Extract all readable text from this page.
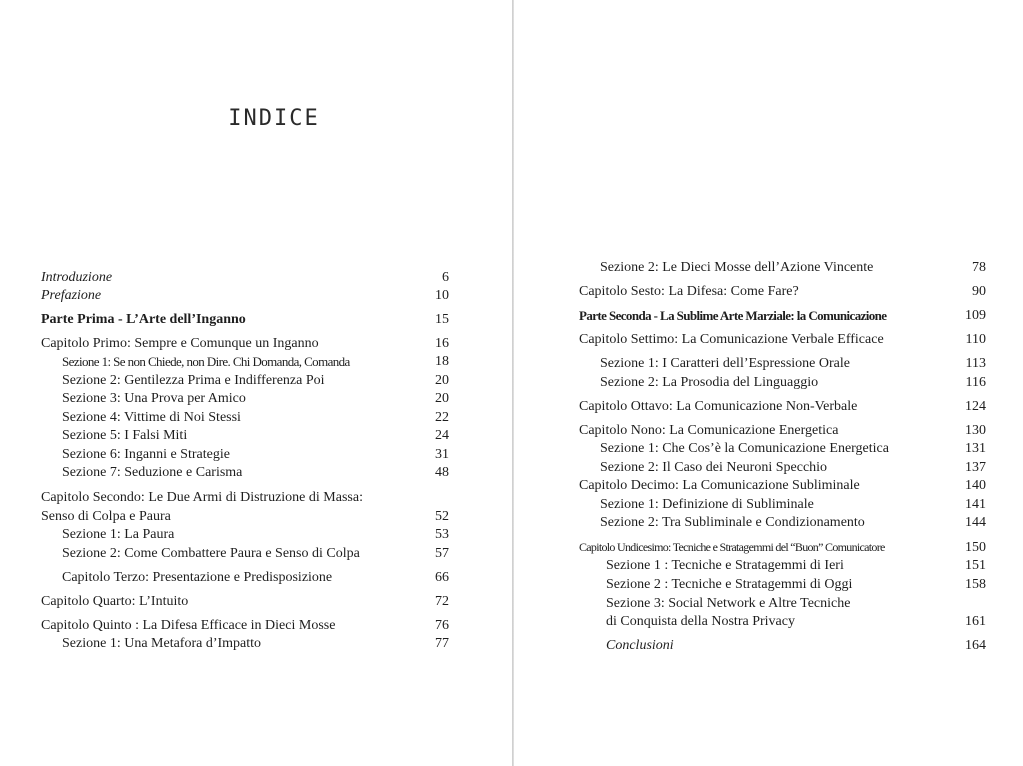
INDICE
Introduzione	6
Prefazione	10
Parte Prima - L’Arte dell’Inganno	15
Capitolo Primo: Sempre e Comunque un Inganno	16
Sezione 1: Se non Chiede, non Dire. Chi Domanda, Comanda	18
Sezione 2: Gentilezza Prima e Indifferenza Poi	20
Sezione 3: Una Prova per Amico	20
Sezione 4: Vittime di Noi Stessi	22
Sezione 5: I Falsi Miti	24
Sezione 6: Inganni e Strategie	31
Sezione 7: Seduzione e Carisma	48
Capitolo Secondo: Le Due Armi di Distruzione di Massa:
Senso di Colpa e Paura	52
Sezione 1: La Paura	53
Sezione 2: Come Combattere Paura e Senso di Colpa	57
Capitolo Terzo: Presentazione e Predisposizione	66
Capitolo Quarto: L’Intuito	72
Capitolo Quinto : La Difesa Efficace in Dieci Mosse	76
Sezione 1: Una Metafora d’Impatto	77
Sezione 2: Le Dieci Mosse dell’Azione Vincente	78
Capitolo Sesto: La Difesa: Come Fare?	90
Parte Seconda - La Sublime Arte Marziale: la Comunicazione	109
Capitolo Settimo: La Comunicazione Verbale Efficace	110
Sezione 1: I Caratteri dell’Espressione Orale	113
Sezione 2: La Prosodia del Linguaggio	116
Capitolo Ottavo: La Comunicazione Non-Verbale	124
Capitolo Nono: La Comunicazione Energetica	130
Sezione 1: Che Cos’è la Comunicazione Energetica	131
Sezione 2: Il Caso dei Neuroni Specchio	137
Capitolo Decimo: La Comunicazione Subliminale	140
Sezione 1: Definizione di Subliminale	141
Sezione 2: Tra Subliminale e Condizionamento	144
Capitolo Undicesimo: Tecniche e Stratagemmi del “Buon” Comunicatore	150
Sezione 1 : Tecniche e Stratagemmi di Ieri	151
Sezione 2 : Tecniche e Stratagemmi di Oggi	158
Sezione 3: Social Network e Altre Tecniche
di Conquista della Nostra Privacy	161
Conclusioni	164
